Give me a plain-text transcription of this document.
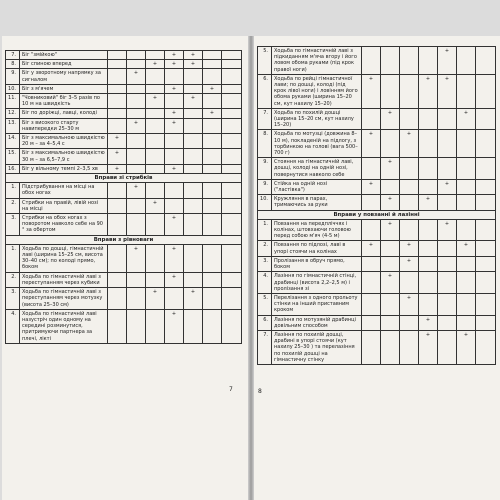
7.	Біг "змійкою"				+	+		
8.	Біг спиною вперед			+	+	+		
9.	Біг у зворотному напрямку за сигналом		+					
10.	Біг з м'ячем				+		+	
11.	"Човниковий" біг 3–5 разів по 10 м на швидкість			+		+		
12.	Біг по доріжці, лавці, колоді				+		+	
13.	Біг з високого старту навипередки 25–30 м		+		+			
14.	Біг з максимальною швидкістю 20 м – за 4–5,4 с	+						
15.	Біг з максимальною швидкістю 30 м – за 6,5–7,9 с	+						
16.	Біг у вільному темпі 2–3,5 хв	+			+			
Вправи зі стрибків								
1.	Підстрибування на місці на обох ногах		+					
2.	Стрибки на правій, лівій нозі на місці			+				
3.	Стрибки на обох ногах з поворотом навколо себе на 90 ° за обертом				+			
Вправи з рівноваги								
1.	Ходьба по дошці, гімнастичній лаві (ширина 15–25 см, висота 30–40 см); по колоді прямо, боком		+		+			
2.	Ходьба по гімнастичній лаві з переступанням через кубики				+			
3.	Ходьба по гімнастичній лаві з переступанням через мотузку (висота 25–30 см)			+		+		
4.	Ходьба по гімнастичній лаві назустріч один одному на середині розминутися, притримуючи партнера за плечі, лікті				+			
5.	Ходьба по гімнастичній лаві з підкиданням м'яча вгору і його ловом обома руками (під крок правої ноги)					+		
6.	Ходьба по рейці гімнастичної лави; по дошці, колоді (під крок лівої ноги) і ловінням його обома руками (ширина 15–20 см, кут нахилу 15–20)	+			+	+		
7.	Ходьба по похилій дошці (ширина 15–20 см, кут нахилу 15–20)		+				+	
8.	Ходьба по мотузці (довжина 8–10 м), покладеній на підлогу, з торбинкою на голові (вага 500–700 г)	+		+				
9.	Стояння на гімнастичній лаві, дошці, колоді на одній нозі, повернутися навколо себе		+					
9.	Стійка на одній нозі ("ластівка")	+				+		
10.	Кружляння в парах, тримаючись за руки		+		+			
Вправи у повзанні й лазінні								
1.	Повзання на передпліччях і колінах, штовхаючи головою перед собою м'яч (4-5 м)		+			+		
2.	Повзання по підлозі, лаві в упорі стоячи на колінах	+		+			+	
3.	Пролізання в обруч прямо, боком			+				
4.	Лазіння по гімнастичній стінці, драбинці (висота 2,2–2,5 м) і пролізання зі		+					
5.	Перелізання з одного прольоту стінки на інший приставним кроком			+				
6.	Лазіння по мотузяній драбинці довільним способом				+			
7.	Лазіння по похилій дошці, драбині в упорі стоячи (кут нахилу 25–30 ) та перелазіння по похилій дошці на гімнастичну стінку				+		+	
7	8
